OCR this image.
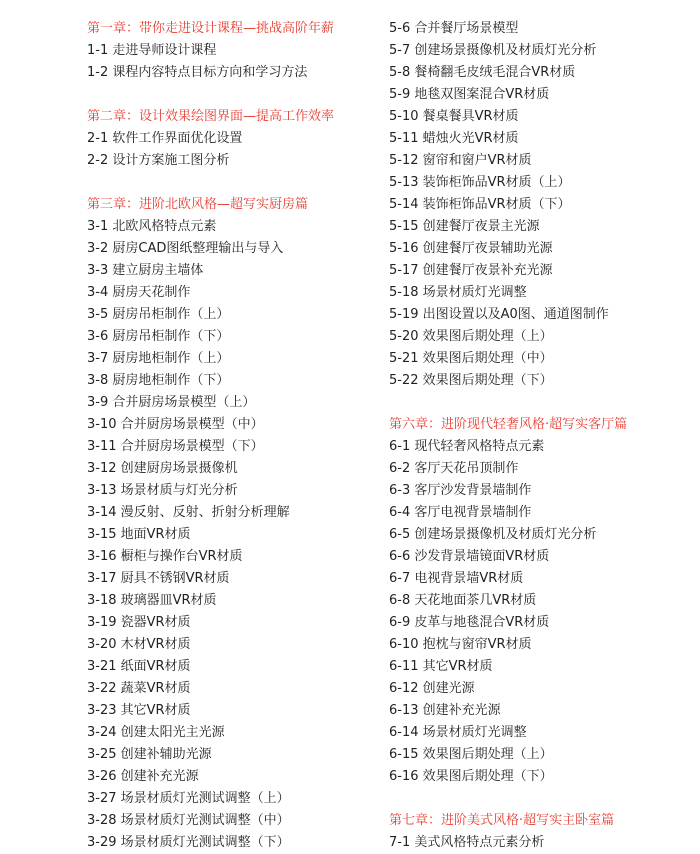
第一章：带你走进设计课程—挑战高阶年薪
1-1 走进导师设计课程
1-2 课程内容特点目标方向和学习方法
第二章：设计效果绘图界面—提高工作效率
2-1 软件工作界面优化设置
2-2 设计方案施工图分析
第三章：进阶北欧风格—超写实厨房篇
3-1 北欧风格特点元素
3-2 厨房CAD图纸整理输出与导入
3-3 建立厨房主墙体
3-4 厨房天花制作
3-5 厨房吊柜制作（上）
3-6 厨房吊柜制作（下）
3-7 厨房地柜制作（上）
3-8 厨房地柜制作（下）
3-9 合并厨房场景模型（上）
3-10 合并厨房场景模型（中）
3-11 合并厨房场景模型（下）
3-12 创建厨房场景摄像机
3-13 场景材质与灯光分析
3-14 漫反射、反射、折射分析理解
3-15 地面VR材质
3-16 橱柜与操作台VR材质
3-17 厨具不锈钢VR材质
3-18 玻璃器皿VR材质
3-19 瓷器VR材质
3-20 木材VR材质
3-21 纸面VR材质
3-22 蔬菜VR材质
3-23 其它VR材质
3-24 创建太阳光主光源
3-25 创建补辅助光源
3-26 创建补充光源
3-27 场景材质灯光测试调整（上）
3-28 场景材质灯光测试调整（中）
3-29 场景材质灯光测试调整（下）
5-6 合并餐厅场景模型
5-7 创建场景摄像机及材质灯光分析
5-8 餐椅翻毛皮绒毛混合VR材质
5-9 地毯双图案混合VR材质
5-10 餐桌餐具VR材质
5-11 蜡烛火光VR材质
5-12 窗帘和窗户VR材质
5-13 装饰柜饰品VR材质（上）
5-14 装饰柜饰品VR材质（下）
5-15 创建餐厅夜景主光源
5-16 创建餐厅夜景辅助光源
5-17 创建餐厅夜景补充光源
5-18 场景材质灯光调整
5-19 出图设置以及A0图、通道图制作
5-20 效果图后期处理（上）
5-21 效果图后期处理（中）
5-22 效果图后期处理（下）
第六章：进阶现代轻奢风格·超写实客厅篇
6-1 现代轻奢风格特点元素
6-2 客厅天花吊顶制作
6-3 客厅沙发背景墙制作
6-4 客厅电视背景墙制作
6-5 创建场景摄像机及材质灯光分析
6-6 沙发背景墙镜面VR材质
6-7 电视背景墙VR材质
6-8 天花地面茶几VR材质
6-9 皮革与地毯混合VR材质
6-10 抱枕与窗帘VR材质
6-11 其它VR材质
6-12 创建光源
6-13 创建补充光源
6-14 场景材质灯光调整
6-15 效果图后期处理（上）
6-16 效果图后期处理（下）
第七章：进阶美式风格·超写实主卧室篇
7-1 美式风格特点元素分析
